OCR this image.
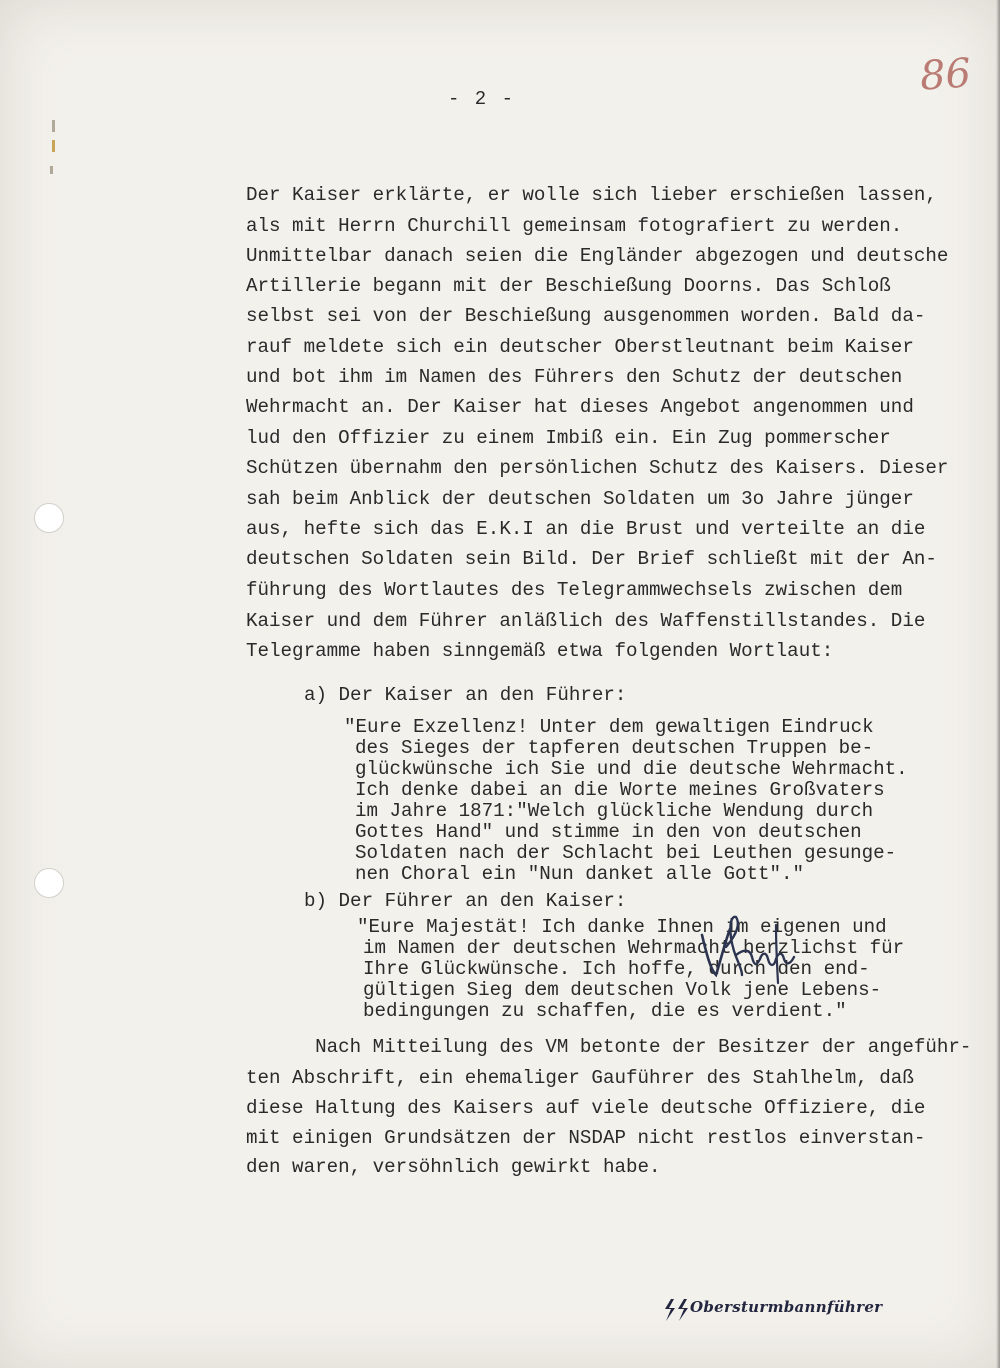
- 2 -	86
Der Kaiser erklärte, er wolle sich lieber erschießen lassen,
als mit Herrn Churchill gemeinsam fotografiert zu werden.
Unmittelbar danach seien die Engländer abgezogen und deutsche
Artillerie begann mit der Beschießung Doorns. Das Schloß
selbst sei von der Beschießung ausgenommen worden. Bald da-
rauf meldete sich ein deutscher Oberstleutnant beim Kaiser
und bot ihm im Namen des Führers den Schutz der deutschen
Wehrmacht an. Der Kaiser hat dieses Angebot angenommen und
lud den Offizier zu einem Imbiß ein. Ein Zug pommerscher
Schützen übernahm den persönlichen Schutz des Kaisers. Dieser
sah beim Anblick der deutschen Soldaten um 3o Jahre jünger
aus, hefte sich das E.K.I an die Brust und verteilte an die
deutschen Soldaten sein Bild. Der Brief schließt mit der An-
führung des Wortlautes des Telegrammwechsels zwischen dem
Kaiser und dem Führer anläßlich des Waffenstillstandes. Die
Telegramme haben sinngemäß etwa folgenden Wortlaut:
a) Der Kaiser an den Führer:
"Eure Exzellenz! Unter dem gewaltigen Eindruck
des Sieges der tapferen deutschen Truppen be-
glückwünsche ich Sie und die deutsche Wehrmacht.
Ich denke dabei an die Worte meines Großvaters
im Jahre 1871:"Welch glückliche Wendung durch
Gottes Hand" und stimme in den von deutschen
Soldaten nach der Schlacht bei Leuthen gesunge-
nen Choral ein "Nun danket alle Gott"."
b) Der Führer an den Kaiser:
"Eure Majestät! Ich danke Ihnen im eigenen und
im Namen der deutschen Wehrmacht herzlichst für
Ihre Glückwünsche. Ich hoffe, durch den end-
gültigen Sieg dem deutschen Volk jene Lebens-
bedingungen zu schaffen, die es verdient."
Nach Mitteilung des VM betonte der Besitzer der angeführ-
ten Abschrift, ein ehemaliger Gauführer des Stahlhelm, daß
diese Haltung des Kaisers auf viele deutsche Offiziere, die
mit einigen Grundsätzen der NSDAP nicht restlos einverstan-
den waren, versöhnlich gewirkt habe.
Obersturmbannführer
